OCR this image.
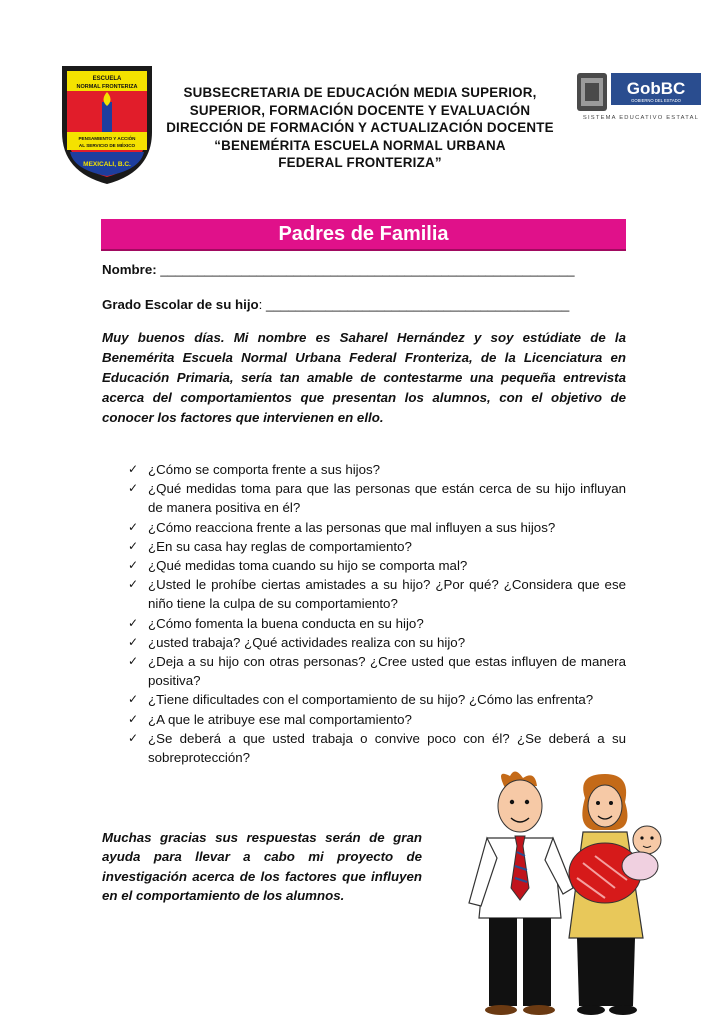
ESCUELA
NORMAL FRONTERIZA
PENSAMIENTO Y ACCIÓN
AL SERVICIO DE MÉXICO
MEXICALI, B.C.
SUBSECRETARIA DE EDUCACIÓN MEDIA SUPERIOR,
SUPERIOR, FORMACIÓN DOCENTE Y EVALUACIÓN
DIRECCIÓN DE FORMACIÓN Y ACTUALIZACIÓN DOCENTE
“BENEMÉRITA ESCUELA NORMAL URBANA
FEDERAL FRONTERIZA”
GobBC
GOBIERNO DEL ESTADO
SISTEMA EDUCATIVO ESTATAL
Padres de Familia
Nombre: ________________________________________________________
Grado Escolar de su hijo: _________________________________________
Muy buenos días. Mi nombre es Saharel Hernández y soy estúdiate de la Benemérita Escuela Normal Urbana Federal Fronteriza, de la Licenciatura en Educación Primaria, sería tan amable de contestarme una pequeña entrevista acerca del comportamientos que presentan los alumnos, con el objetivo de conocer los factores que intervienen en ello.
✓ ¿Cómo se comporta frente a sus hijos?
✓ ¿Qué medidas toma para que las personas que están cerca de su hijo influyan de manera positiva en él?
✓ ¿Cómo reacciona frente a las personas que mal influyen a sus hijos?
✓ ¿En su casa hay reglas de comportamiento?
✓ ¿Qué medidas toma cuando su hijo se comporta mal?
✓ ¿Usted le prohíbe ciertas amistades a su hijo? ¿Por qué? ¿Considera que ese niño tiene la culpa de su comportamiento?
✓ ¿Cómo fomenta la buena conducta en su hijo?
✓ ¿usted trabaja? ¿Qué actividades realiza con su hijo?
✓ ¿Deja a su hijo con otras personas? ¿Cree usted que estas influyen de manera positiva?
✓ ¿Tiene dificultades con el comportamiento de su hijo? ¿Cómo las enfrenta?
✓ ¿A que le atribuye ese mal comportamiento?
✓ ¿Se deberá a que usted trabaja o convive poco con él? ¿Se deberá a su sobreprotección?
Muchas gracias sus respuestas serán de gran ayuda para llevar a cabo mi proyecto de investigación acerca de los factores que influyen en el comportamiento de los alumnos.
